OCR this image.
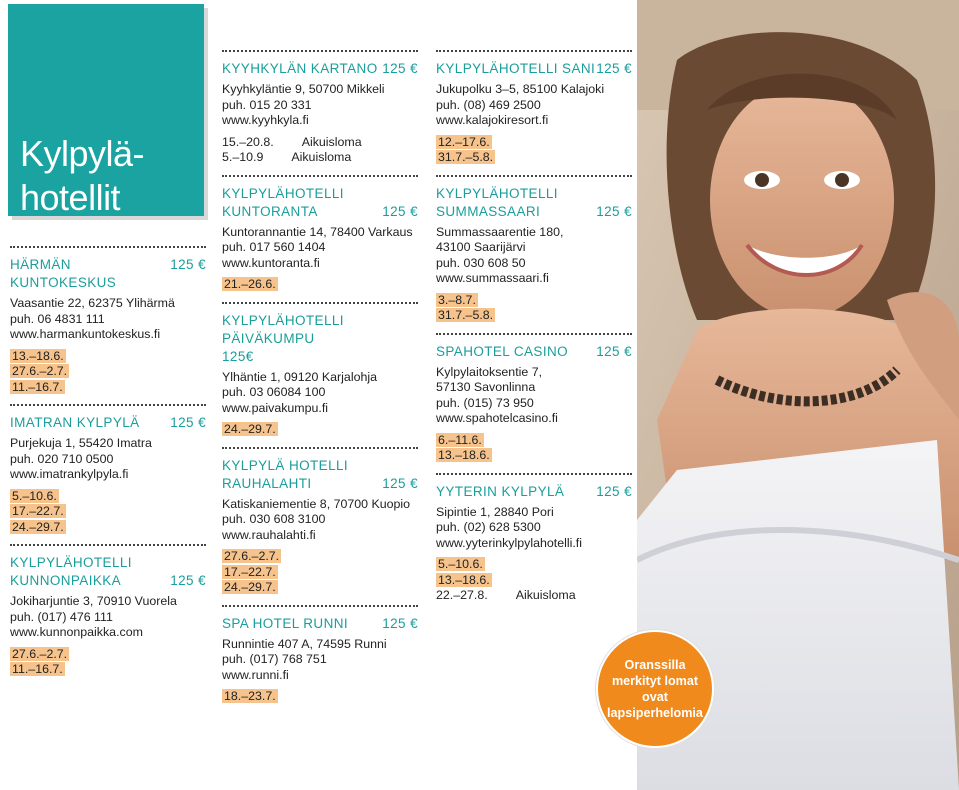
Kylpylä-
hotellit
HÄRMÄN KUNTOKESKUS
125 €
Vaasantie 22, 62375 Ylihärmä
puh. 06 4831 111
www.harmankuntokeskus.fi
13.–18.6.
27.6.–2.7.
11.–16.7.
IMATRAN KYLPYLÄ 125 €
Purjekuja 1, 55420 Imatra
puh. 020 710 0500
www.imatrankylpyla.fi
5.–10.6.
17.–22.7.
24.–29.7.
KYLPYLÄHOTELLI
KUNNONPAIKKA	125 €
Jokiharjuntie 3, 70910 Vuorela
puh. (017) 476 111
www.kunnonpaikka.com
27.6.–2.7.
11.–16.7.
KYYHKYLÄN KARTANO 125 €
Kyyhkyläntie 9, 50700 Mikkeli
puh. 015 20 331
www.kyyhkyla.fi
15.–20.8. Aikuisloma
5.–10.9 Aikuisloma
KYLPYLÄHOTELLI
KUNTORANTA	125 €
Kuntorannantie 14, 78400 Varkaus
puh. 017 560 1404
www.kuntoranta.fi
21.–26.6.
KYLPYLÄHOTELLI PÄIVÄKUMPU
125€
Ylhäntie 1, 09120 Karjalohja
puh. 03 06084 100
www.paivakumpu.fi
24.–29.7.
KYLPYLÄ HOTELLI
RAUHALAHTI	125 €
Katiskaniementie 8, 70700 Kuopio
puh. 030 608 3100
www.rauhalahti.fi
27.6.–2.7.
17.–22.7.
24.–29.7.
SPA HOTEL RUNNI	125 €
Runnintie 407 A, 74595 Runni
puh. (017) 768 751
www.runni.fi
18.–23.7.
KYLPYLÄHOTELLI SANI 125 €
Jukupolku 3–5, 85100 Kalajoki
puh. (08) 469 2500
www.kalajokiresort.fi
12.–17.6.
31.7.–5.8.
KYLPYLÄHOTELLI
SUMMASSAARI	125 €
Summassaarentie 180,
43100 Saarijärvi
puh. 030 608 50
www.summassaari.fi
3.–8.7.
31.7.–5.8.
SPAHOTEL CASINO 125 €
Kylpylaitoksentie 7,
57130 Savonlinna
puh. (015) 73 950
www.spahotelcasino.fi
6.–11.6.
13.–18.6.
YYTERIN KYLPYLÄ 125 €
Sipintie 1, 28840 Pori
puh. (02) 628 5300
www.yyterinkylpylahotelli.fi
5.–10.6.
13.–18.6.
22.–27.8. Aikuisloma
Oranssilla merkityt lomat ovat lapsiperhelomia
